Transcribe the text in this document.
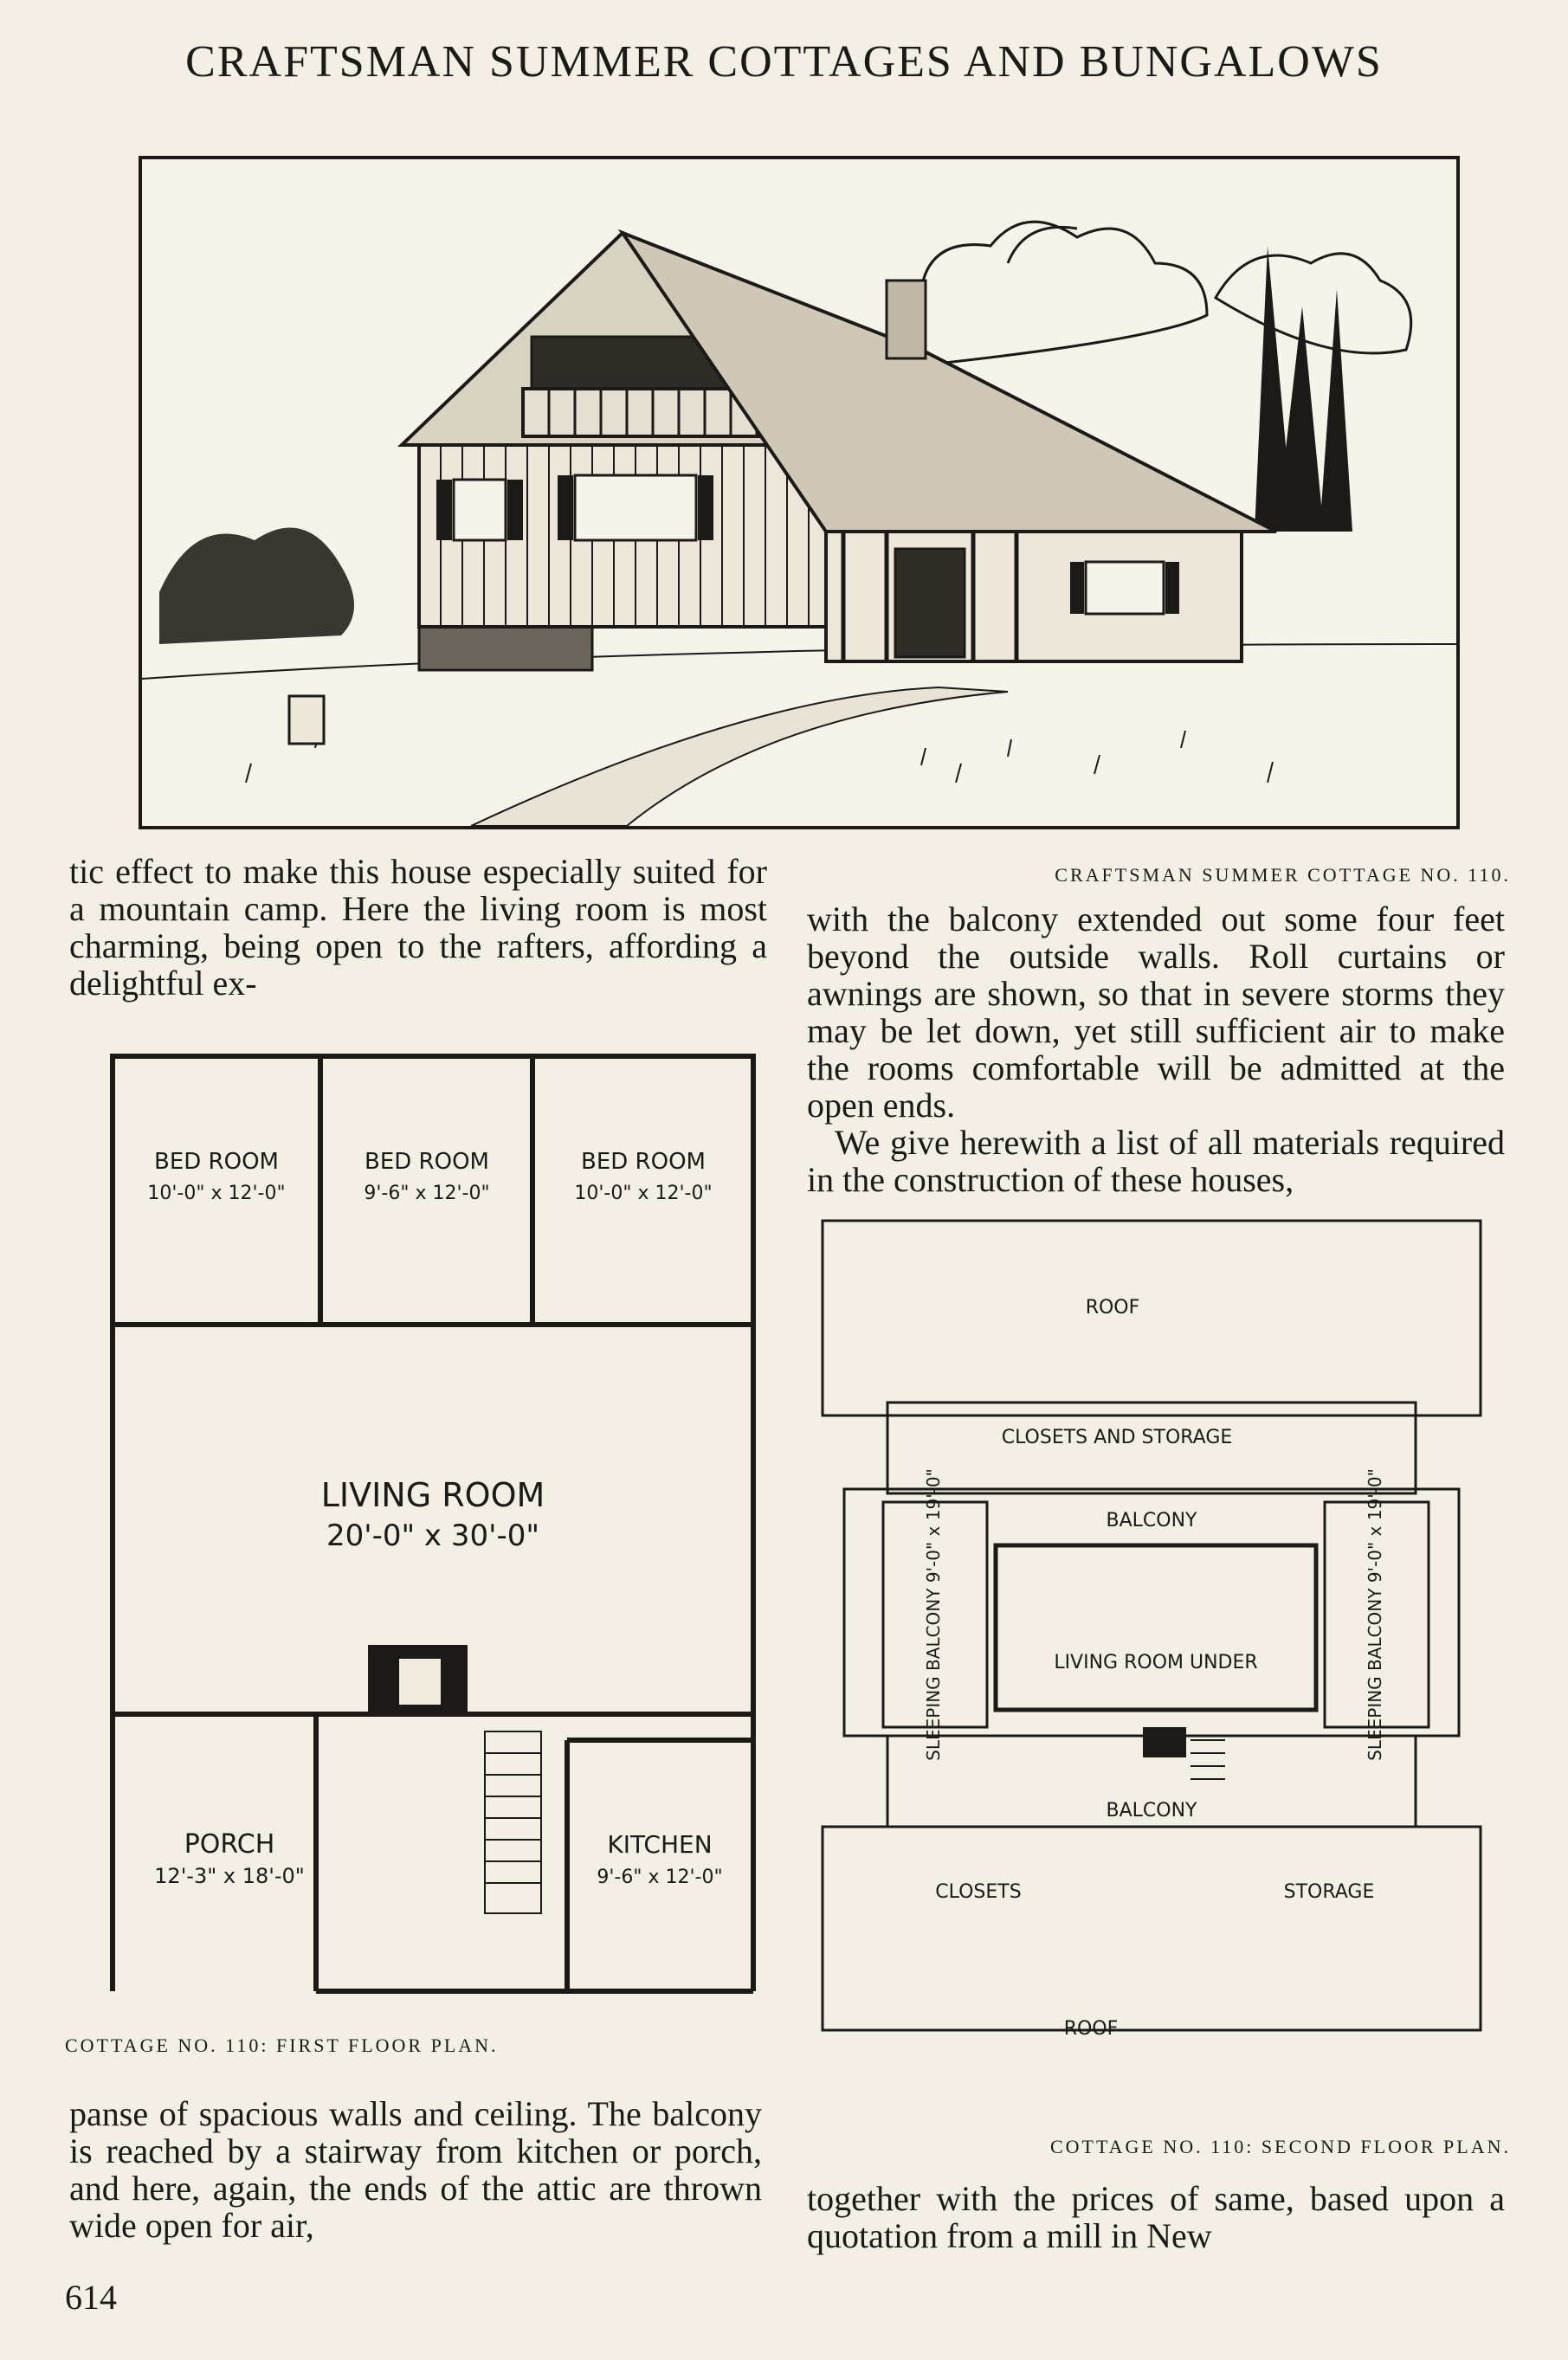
CRAFTSMAN SUMMER COTTAGES AND BUNGALOWS
CRAFTSMAN SUMMER COTTAGE NO. 110.
tic effect to make this house especially suited for a mountain camp. Here the living room is most charming, being open to the rafters, affording a delightful ex-
with the balcony extended out some four feet beyond the outside walls. Roll curtains or awnings are shown, so that in severe storms they may be let down, yet still sufficient air to make the rooms comfortable will be admitted at the open ends.
We give herewith a list of all materials required in the construction of these houses,
BED ROOM
10'-0" x 12'-0"
BED ROOM
9'-6" x 12'-0"
BED ROOM
10'-0" x 12'-0"
LIVING ROOM
20'-0" x 30'-0"
PORCH
12'-3" x 18'-0"
KITCHEN
9'-6" x 12'-0"
COTTAGE NO. 110: FIRST FLOOR PLAN.
panse of spacious walls and ceiling. The balcony is reached by a stairway from kitchen or porch, and here, again, the ends of the attic are thrown wide open for air,
ROOF
CLOSETS AND STORAGE
BALCONY
LIVING ROOM UNDER
BALCONY
SLEEPING BALCONY 9'-0" x 19'-0"	SLEEPING BALCONY 9'-0" x 19'-0"
CLOSETS	STORAGE
ROOF
COTTAGE NO. 110: SECOND FLOOR PLAN.
together with the prices of same, based upon a quotation from a mill in New
614
